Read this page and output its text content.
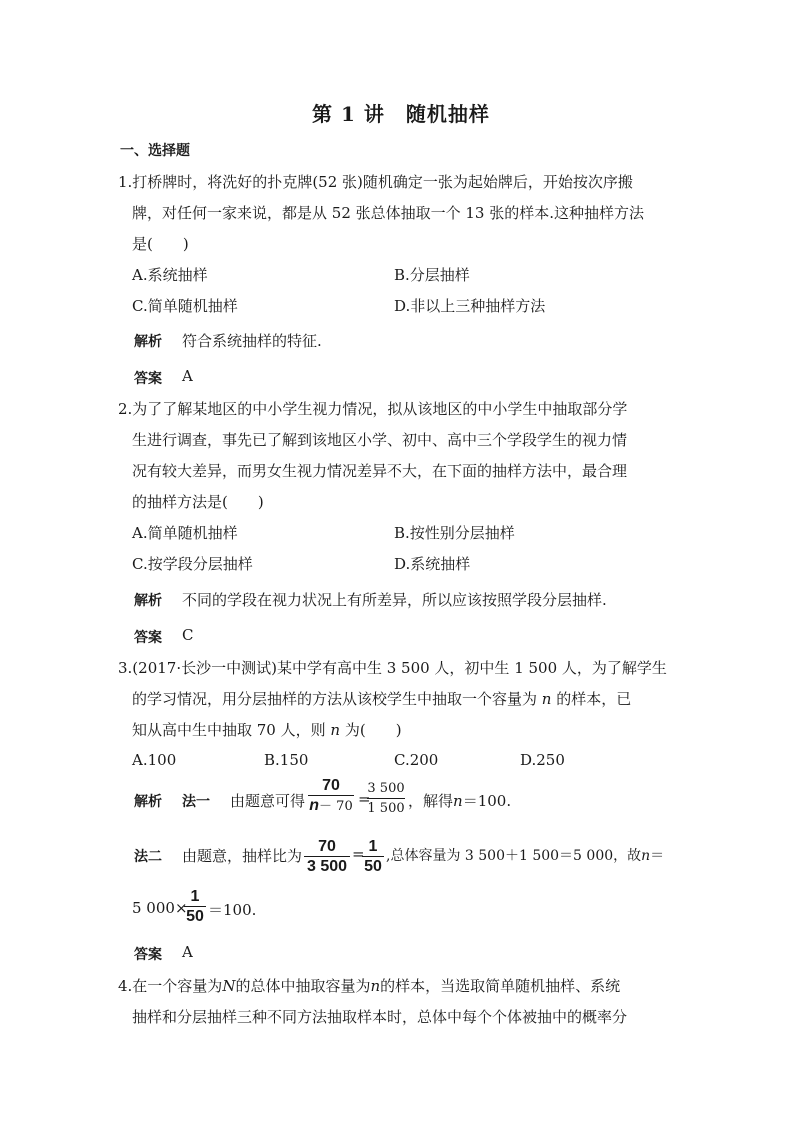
第 1 讲　随机抽样
一、选择题
1.打桥牌时，将洗好的扑克牌(52 张)随机确定一张为起始牌后，开始按次序搬
牌，对任何一家来说，都是从 52 张总体抽取一个 13 张的样本.这种抽样方法
是(　　)
A.系统抽样	B.分层抽样
C.简单随机抽样	D.非以上三种抽样方法
解析 符合系统抽样的特征.
答案 A
2.为了了解某地区的中小学生视力情况，拟从该地区的中小学生中抽取部分学
生进行调查，事先已了解到该地区小学、初中、高中三个学段学生的视力情
况有较大差异，而男女生视力情况差异不大，在下面的抽样方法中，最合理
的抽样方法是(　　)
A.简单随机抽样	B.按性别分层抽样
C.按学段分层抽样	D.系统抽样
解析 不同的学段在视力状况上有所差异，所以应该按照学段分层抽样.
答案 C
3.(2017·长沙一中测试)某中学有高中生 3 500 人，初中生 1 500 人，为了解学生
的学习情况，用分层抽样的方法从该校学生中抽取一个容量为 n 的样本，已
知从高中生中抽取 70 人，则 n 为(　　)
A.100	B.150	C.200	D.250
解析 法一 由题意可得
70
n－ 70 =
3 500
1 500 ，解得n＝100.
法二 由题意，抽样比为
70
3 500
= 1
50
,总体容量为 3 500＋1 500＝5 000，故n＝
5 000×
1
50 ＝100.
答案 A
4.在一个容量为N的总体中抽取容量为n的样本，当选取简单随机抽样、系统
抽样和分层抽样三种不同方法抽取样本时，总体中每个个体被抽中的概率分
